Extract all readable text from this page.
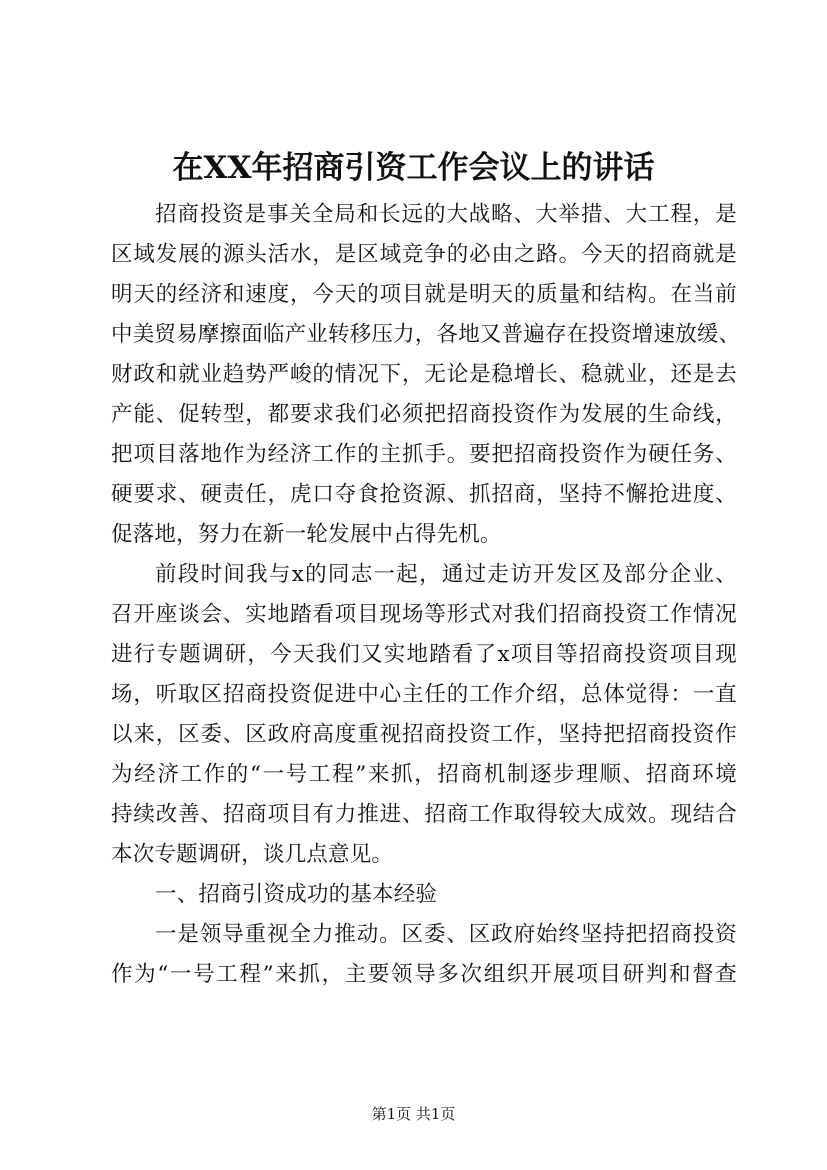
在XX年招商引资工作会议上的讲话
招商投资是事关全局和长远的大战略、大举措、大工程，是
区域发展的源头活水，是区域竞争的必由之路。今天的招商就是
明天的经济和速度，今天的项目就是明天的质量和结构。在当前
中美贸易摩擦面临产业转移压力，各地又普遍存在投资增速放缓、
财政和就业趋势严峻的情况下，无论是稳增长、稳就业，还是去
产能、促转型，都要求我们必须把招商投资作为发展的生命线，
把项目落地作为经济工作的主抓手。要把招商投资作为硬任务、
硬要求、硬责任，虎口夺食抢资源、抓招商，坚持不懈抢进度、
促落地，努力在新一轮发展中占得先机。
前段时间我与x的同志一起，通过走访开发区及部分企业、
召开座谈会、实地踏看项目现场等形式对我们招商投资工作情况
进行专题调研，今天我们又实地踏看了x项目等招商投资项目现
场，听取区招商投资促进中心主任的工作介绍，总体觉得：一直
以来，区委、区政府高度重视招商投资工作，坚持把招商投资作
为经济工作的“一号工程”来抓，招商机制逐步理顺、招商环境
持续改善、招商项目有力推进、招商工作取得较大成效。现结合
本次专题调研，谈几点意见。
一、招商引资成功的基本经验
一是领导重视全力推动。区委、区政府始终坚持把招商投资
作为“一号工程”来抓，主要领导多次组织开展项目研判和督查
第1页 共1页
